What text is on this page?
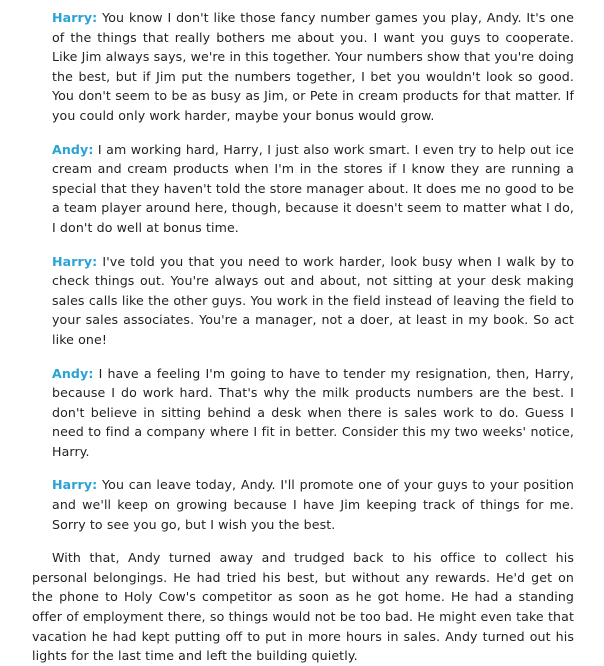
Harry: You know I don't like those fancy number games you play, Andy. It's one of the things that really bothers me about you. I want you guys to cooperate. Like Jim always says, we're in this together. Your numbers show that you're doing the best, but if Jim put the numbers together, I bet you wouldn't look so good. You don't seem to be as busy as Jim, or Pete in cream products for that matter. If you could only work harder, maybe your bonus would grow.

Andy: I am working hard, Harry, I just also work smart. I even try to help out ice cream and cream products when I'm in the stores if I know they are running a special that they haven't told the store manager about. It does me no good to be a team player around here, though, because it doesn't seem to matter what I do, I don't do well at bonus time.

Harry: I've told you that you need to work harder, look busy when I walk by to check things out. You're always out and about, not sitting at your desk making sales calls like the other guys. You work in the field instead of leaving the field to your sales associates. You're a manager, not a doer, at least in my book. So act like one!

Andy: I have a feeling I'm going to have to tender my resignation, then, Harry, because I do work hard. That's why the milk products numbers are the best. I don't believe in sitting behind a desk when there is sales work to do. Guess I need to find a company where I fit in better. Consider this my two weeks' notice, Harry.

Harry: You can leave today, Andy. I'll promote one of your guys to your position and we'll keep on growing because I have Jim keeping track of things for me. Sorry to see you go, but I wish you the best.

With that, Andy turned away and trudged back to his office to collect his personal belongings. He had tried his best, but without any rewards. He'd get on the phone to Holy Cow's competitor as soon as he got home. He had a standing offer of employment there, so things would not be too bad. He might even take that vacation he had kept putting off to put in more hours in sales. Andy turned out his lights for the last time and left the building quietly.
